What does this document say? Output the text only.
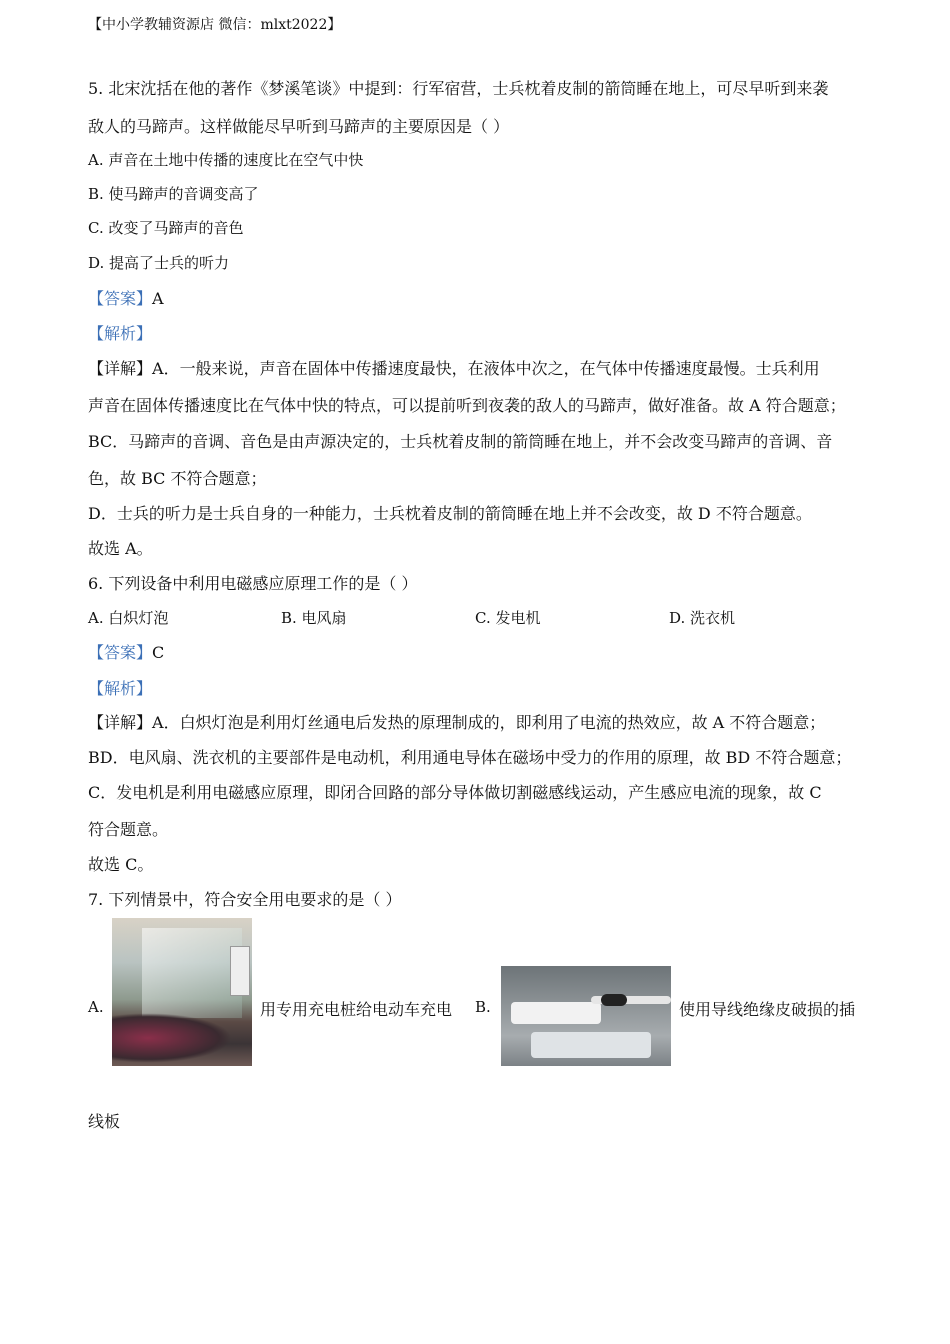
【中小学教辅资源店 微信：mlxt2022】
5. 北宋沈括在他的著作《梦溪笔谈》中提到：行军宿营，士兵枕着皮制的箭筒睡在地上，可尽早听到来袭
敌人的马蹄声。这样做能尽早听到马蹄声的主要原因是（ ）
A. 声音在土地中传播的速度比在空气中快
B. 使马蹄声的音调变高了
C. 改变了马蹄声的音色
D. 提高了士兵的听力
【答案】A
【解析】
【详解】A．一般来说，声音在固体中传播速度最快，在液体中次之，在气体中传播速度最慢。士兵利用
声音在固体传播速度比在气体中快的特点，可以提前听到夜袭的敌人的马蹄声，做好准备。故 A 符合题意；
BC．马蹄声的音调、音色是由声源决定的，士兵枕着皮制的箭筒睡在地上，并不会改变马蹄声的音调、音
色，故 BC 不符合题意；
D．士兵的听力是士兵自身的一种能力，士兵枕着皮制的箭筒睡在地上并不会改变，故 D 不符合题意。
故选 A。
6. 下列设备中利用电磁感应原理工作的是（ ）
A. 白炽灯泡	B. 电风扇	C. 发电机	D. 洗衣机
【答案】C
【解析】
【详解】A．白炽灯泡是利用灯丝通电后发热的原理制成的，即利用了电流的热效应，故 A 不符合题意；
BD．电风扇、洗衣机的主要部件是电动机，利用通电导体在磁场中受力的作用的原理，故 BD 不符合题意；
C．发电机是利用电磁感应原理，即闭合回路的部分导体做切割磁感线运动，产生感应电流的现象，故 C
符合题意。
故选 C。
7. 下列情景中，符合安全用电要求的是（ ）
A.	用专用充电桩给电动车充电 B.	使用导线绝缘皮破损的插
线板
